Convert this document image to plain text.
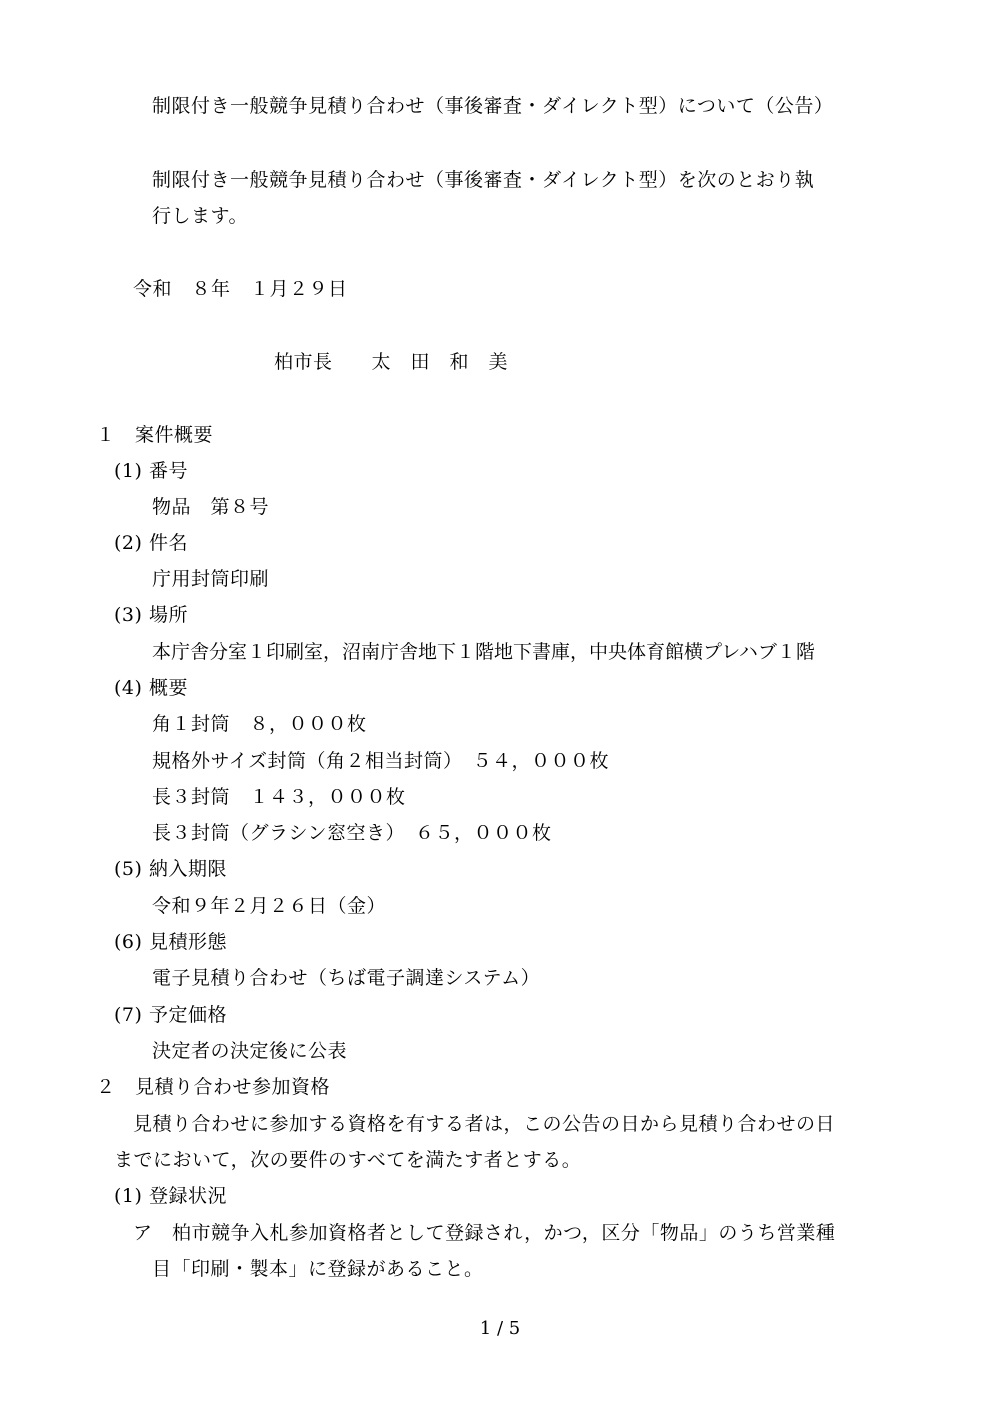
制限付き一般競争見積り合わせ（事後審査・ダイレクト型）について（公告）
制限付き一般競争見積り合わせ（事後審査・ダイレクト型）を次のとおり執
行します。
令和　８年　１月２９日
柏市長　　太　田　和　美
１　案件概要
(1) 番号
物品　第８号
(2) 件名
庁用封筒印刷
(3) 場所
本庁舎分室１印刷室，沼南庁舎地下１階地下書庫，中央体育館横プレハブ１階
(4) 概要
角１封筒　８，０００枚
規格外サイズ封筒（角２相当封筒）　５４，０００枚
長３封筒　１４３，０００枚
長３封筒（グラシン窓空き）　６５，０００枚
(5) 納入期限
令和９年２月２６日（金）
(6) 見積形態
電子見積り合わせ（ちば電子調達システム）
(7) 予定価格
決定者の決定後に公表
２　見積り合わせ参加資格
見積り合わせに参加する資格を有する者は，この公告の日から見積り合わせの日
までにおいて，次の要件のすべてを満たす者とする。
(1) 登録状況
ア　柏市競争入札参加資格者として登録され，かつ，区分「物品」のうち営業種
目「印刷・製本」に登録があること。
1 / 5
